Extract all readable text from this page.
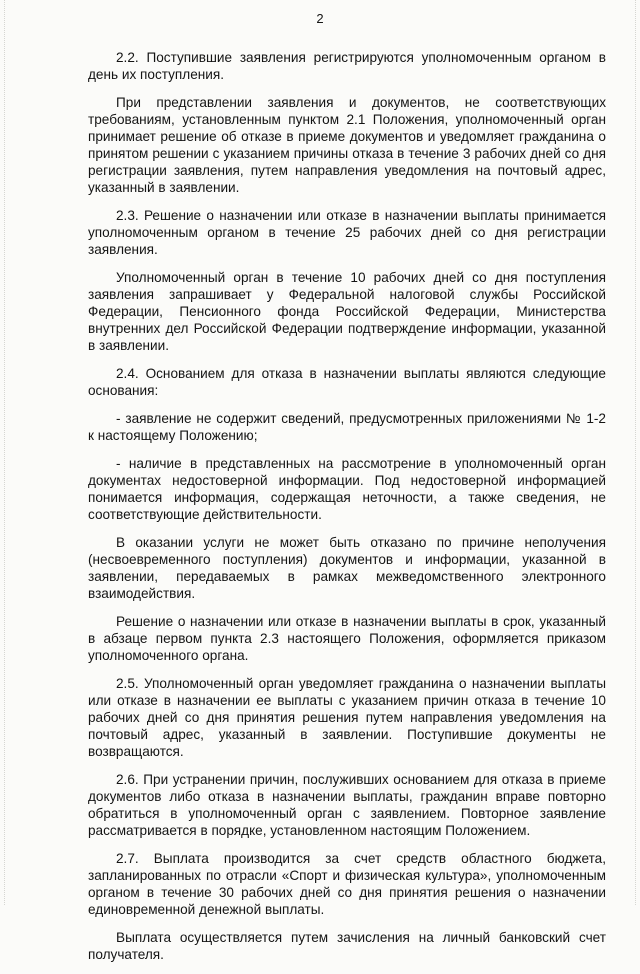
2

2.2. Поступившие заявления регистрируются уполномоченным органом в день их поступления.

При представлении заявления и документов, не соответствующих требованиям, установленным пунктом 2.1 Положения, уполномоченный орган принимает решение об отказе в приеме документов и уведомляет гражданина о принятом решении с указанием причины отказа в течение 3 рабочих дней со дня регистрации заявления, путем направления уведомления на почтовый адрес, указанный в заявлении.

2.3. Решение о назначении или отказе в назначении выплаты принимается уполномоченным органом в течение 25 рабочих дней со дня регистрации заявления.

Уполномоченный орган в течение 10 рабочих дней со дня поступления заявления запрашивает у Федеральной налоговой службы Российской Федерации, Пенсионного фонда Российской Федерации, Министерства внутренних дел Российской Федерации подтверждение информации, указанной в заявлении.

2.4. Основанием для отказа в назначении выплаты являются следующие основания:

- заявление не содержит сведений, предусмотренных приложениями № 1-2 к настоящему Положению;

- наличие в представленных на рассмотрение в уполномоченный орган документах недостоверной информации. Под недостоверной информацией понимается информация, содержащая неточности, а также сведения, не соответствующие действительности.

В оказании услуги не может быть отказано по причине неполучения (несвоевременного поступления) документов и информации, указанной в заявлении, передаваемых в рамках межведомственного электронного взаимодействия.

Решение о назначении или отказе в назначении выплаты в срок, указанный в абзаце первом пункта 2.3 настоящего Положения, оформляется приказом уполномоченного органа.

2.5. Уполномоченный орган уведомляет гражданина о назначении выплаты или отказе в назначении ее выплаты с указанием причин отказа в течение 10 рабочих дней со дня принятия решения путем направления уведомления на почтовый адрес, указанный в заявлении. Поступившие документы не возвращаются.

2.6. При устранении причин, послуживших основанием для отказа в приеме документов либо отказа в назначении выплаты, гражданин вправе повторно обратиться в уполномоченный орган с заявлением. Повторное заявление рассматривается в порядке, установленном настоящим Положением.

2.7. Выплата производится за счет средств областного бюджета, запланированных по отрасли «Спорт и физическая культура», уполномоченным органом в течение 30 рабочих дней со дня принятия решения о назначении единовременной денежной выплаты.

Выплата осуществляется путем зачисления на личный банковский счет получателя.
